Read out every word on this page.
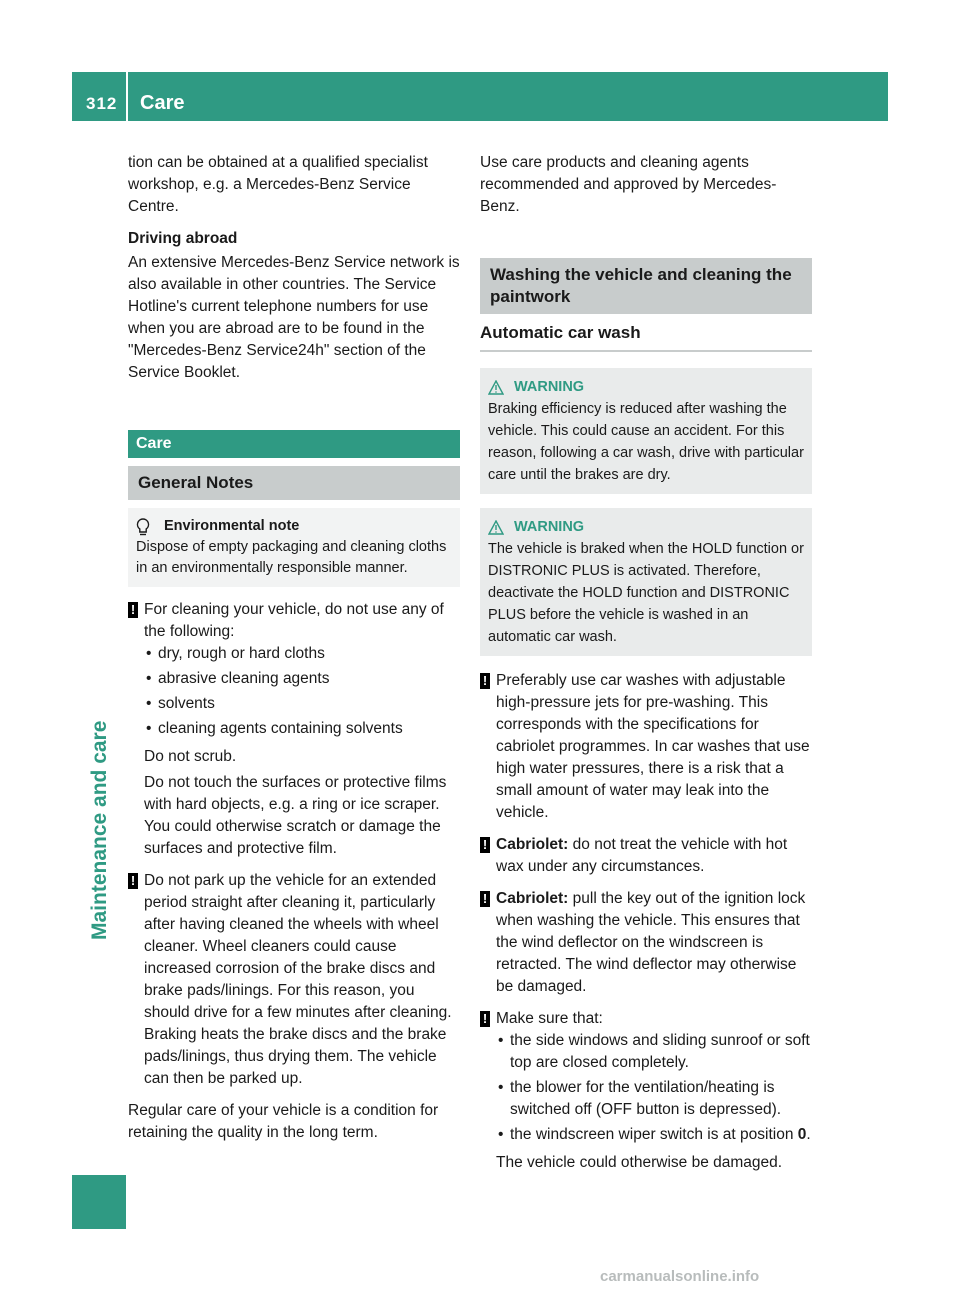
312 Care
Maintenance and care

tion can be obtained at a qualified specialist workshop, e.g. a Mercedes-Benz Service Centre.

Driving abroad

An extensive Mercedes-Benz Service network is also available in other countries. The Service Hotline's current telephone numbers for use when you are abroad are to be found in the "Mercedes-Benz Service24h" section of the Service Booklet.

Care
General Notes
Environmental note
Dispose of empty packaging and cleaning cloths in an environmentally responsible manner.
! For cleaning your vehicle, do not use any of the following:
• dry, rough or hard cloths
• abrasive cleaning agents
• solvents
• cleaning agents containing solvents
Do not scrub.
Do not touch the surfaces or protective films with hard objects, e.g. a ring or ice scraper. You could otherwise scratch or damage the surfaces and protective film.
! Do not park up the vehicle for an extended period straight after cleaning it, particularly after having cleaned the wheels with wheel cleaner. Wheel cleaners could cause increased corrosion of the brake discs and brake pads/linings. For this reason, you should drive for a few minutes after cleaning. Braking heats the brake discs and the brake pads/linings, thus drying them. The vehicle can then be parked up.

Regular care of your vehicle is a condition for retaining the quality in the long term.

Use care products and cleaning agents recommended and approved by Mercedes-Benz.

Washing the vehicle and cleaning the paintwork
Automatic car wash
WARNING
Braking efficiency is reduced after washing the vehicle. This could cause an accident. For this reason, following a car wash, drive with particular care until the brakes are dry.
WARNING
The vehicle is braked when the HOLD function or DISTRONIC PLUS is activated. Therefore, deactivate the HOLD function and DISTRONIC PLUS before the vehicle is washed in an automatic car wash.
! Preferably use car washes with adjustable high-pressure jets for pre-washing. This corresponds with the specifications for cabriolet programmes. In car washes that use high water pressures, there is a risk that a small amount of water may leak into the vehicle.
! Cabriolet: do not treat the vehicle with hot wax under any circumstances.
! Cabriolet: pull the key out of the ignition lock when washing the vehicle. This ensures that the wind deflector on the windscreen is retracted. The wind deflector may otherwise be damaged.
! Make sure that:
• the side windows and sliding sunroof or soft top are closed completely.
• the blower for the ventilation/heating is switched off (OFF button is depressed).
• the windscreen wiper switch is at position 0.
The vehicle could otherwise be damaged.
carmanualsonline.info
